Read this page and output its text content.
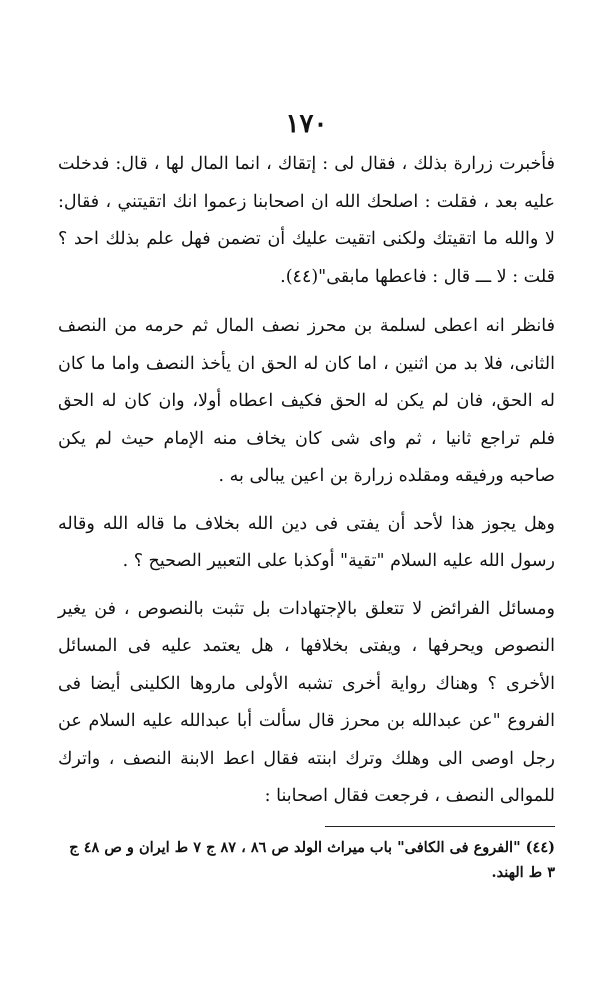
١٧٠

فأخبرت زرارة بذلك ، فقال لى : إتقاك ، انما المال لها ، قال: فدخلت عليه بعد ، فقلت : اصلحك الله ان اصحابنا زعموا انك اتقيتني ، فقال: لا والله ما اتقيتك ولكنى اتقيت عليك أن تضمن فهل علم بذلك احد ؟ قلت : لا ـــ قال : فاعطها مابقى"(٤٤).

فانظر انه اعطى لسلمة بن محرز نصف المال ثم حرمه من النصف الثانى، فلا بد من اثنين ، اما كان له الحق ان يأخذ النصف واما ما كان له الحق، فان لم يكن له الحق فكيف اعطاه أولا، وان كان له الحق فلم تراجع ثانيا ، ثم واى شى كان يخاف منه الإمام حيث لم يكن صاحبه ورفيقه ومقلده زرارة بن اعين يبالى به .

وهل يجوز هذا لأحد أن يفتى فى دين الله بخلاف ما قاله الله وقاله رسول الله عليه السلام "تقية" أوكذبا على التعبير الصحيح ؟ .

ومسائل الفرائض لا تتعلق بالإجتهادات بل تثبت بالنصوص ، فن يغير النصوص ويحرفها ، ويفتى بخلافها ، هل يعتمد عليه فى المسائل الأخرى ؟ وهناك رواية أخرى تشبه الأولى ماروها الكلينى أيضا فى الفروع "عن عبدالله بن محرز قال سألت أبا عبدالله عليه السلام عن رجل اوصى الى وهلك وترك ابنته فقال اعط الابنة النصف ، واترك للموالى النصف ، فرجعت فقال اصحابنا :

(٤٤) "الفروع فى الكافى" باب ميراث الولد ص ٨٦ ، ٨٧ ج ٧ ط ايران و ص ٤٨ ج ٣ ط الهند.
